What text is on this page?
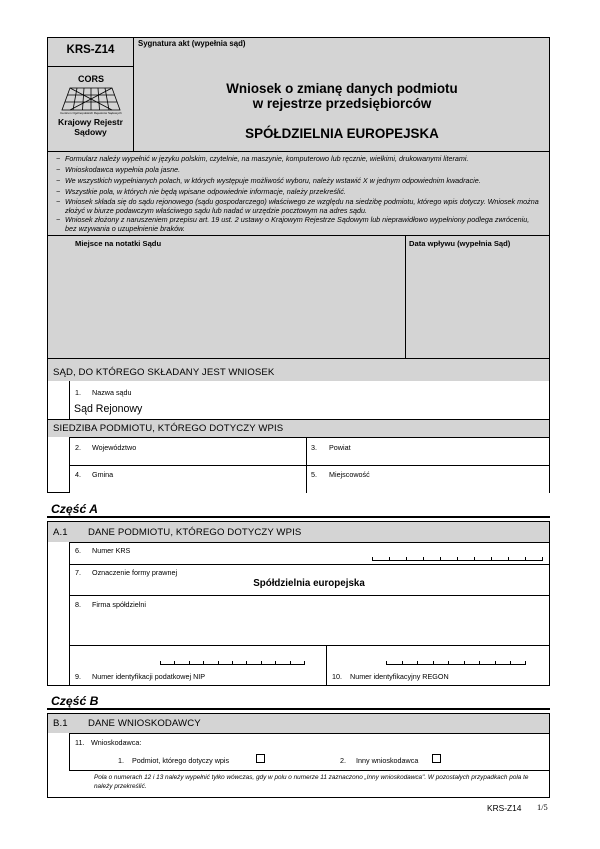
KRS-Z14
Sygnatura akt (wypełnia sąd)
CORS
Centrum Ogólnopolskich Rejestrów Sądowych
Krajowy Rejestr
Sądowy
Wniosek o zmianę danych podmiotu
w rejestrze przedsiębiorców
SPÓŁDZIELNIA EUROPEJSKA
− Formularz należy wypełnić w języku polskim, czytelnie, na maszynie, komputerowo lub ręcznie, wielkimi, drukowanymi literami.
− Wnioskodawca wypełnia pola jasne.
− We wszystkich wypełnianych polach, w których występuje możliwość wyboru, należy wstawić X w jednym odpowiednim kwadracie.
− Wszystkie pola, w których nie będą wpisane odpowiednie informacje, należy przekreślić.
− Wniosek składa się do sądu rejonowego (sądu gospodarczego) właściwego ze względu na siedzibę podmiotu, którego wpis dotyczy. Wniosek można złożyć w biurze podawczym właściwego sądu lub nadać w urzędzie pocztowym na adres sądu.
− Wniosek złożony z naruszeniem przepisu art. 19 ust. 2 ustawy o Krajowym Rejestrze Sądowym lub nieprawidłowo wypełniony podlega zwróceniu, bez wzywania o uzupełnienie braków.
Miejsce na notatki Sądu	Data wpływu (wypełnia Sąd)
SĄD, DO KTÓREGO SKŁADANY JEST WNIOSEK
1. Nazwa sądu
Sąd Rejonowy
SIEDZIBA PODMIOTU, KTÓREGO DOTYCZY WPIS
2. Województwo	3. Powiat
4. Gmina	5. Miejscowość
Część A
A.1 DANE PODMIOTU, KTÓREGO DOTYCZY WPIS
6. Numer KRS
7. Oznaczenie formy prawnej
Spółdzielnia europejska
8. Firma spółdzielni
9. Numer identyfikacji podatkowej NIP	10. Numer identyfikacyjny REGON
Część B
B.1 DANE WNIOSKODAWCY
11. Wnioskodawca:
1. Podmiot, którego dotyczy wpis	2. Inny wnioskodawca
Pola o numerach 12 i 13 należy wypełnić tylko wówczas, gdy w polu o numerze 11 zaznaczono „Inny wnioskodawca". W pozostałych przypadkach pola te należy przekreślić.
KRS-Z14 1/5
